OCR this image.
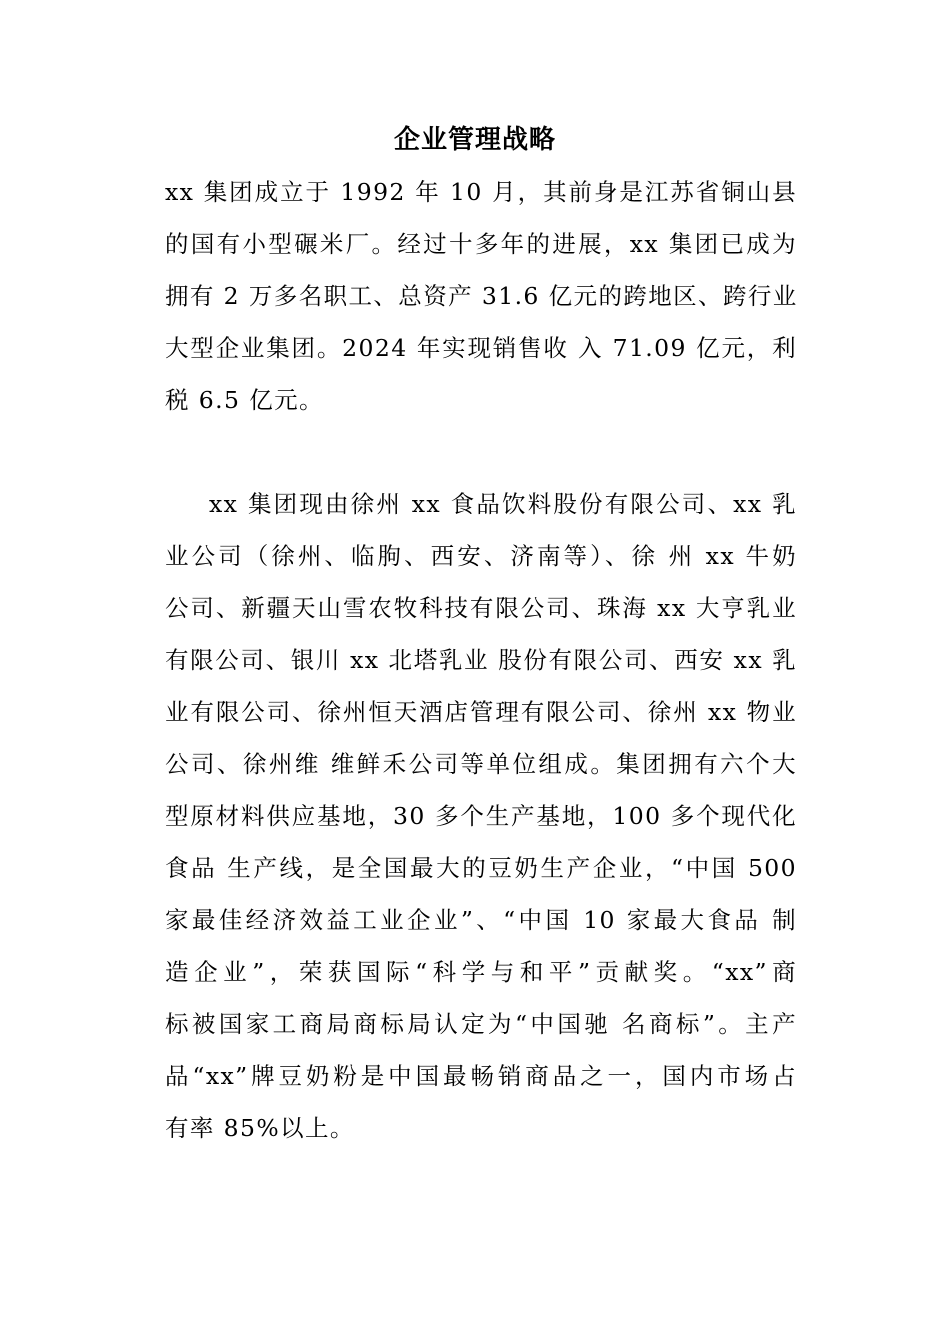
企业管理战略
xx 集团成立于 1992 年 10 月，其前身是江苏省铜山县
的国有小型碾米厂。经过十多年的进展，xx 集团已成为
拥有 2 万多名职工、总资产 31.6 亿元的跨地区、跨行业
大型企业集团。2024 年实现销售收 入 71.09 亿元，利
税 6.5 亿元。
xx 集团现由徐州 xx 食品饮料股份有限公司、xx 乳
业公司（徐州、临朐、西安、济南等）、徐 州 xx 牛奶
公司、新疆天山雪农牧科技有限公司、珠海 xx 大亨乳业
有限公司、银川 xx 北塔乳业 股份有限公司、西安 xx 乳
业有限公司、徐州恒天酒店管理有限公司、徐州 xx 物业
公司、徐州维 维鲜禾公司等单位组成。集团拥有六个大
型原材料供应基地，30 多个生产基地，100 多个现代化
食品 生产线，是全国最大的豆奶生产企业，“中国 500
家最佳经济效益工业企业”、“中国 10 家最大食品 制
造企业”，荣获国际“科学与和平”贡献奖。“xx”商
标被国家工商局商标局认定为“中国驰 名商标”。主产
品“xx”牌豆奶粉是中国最畅销商品之一，国内市场占
有率 85%以上。
